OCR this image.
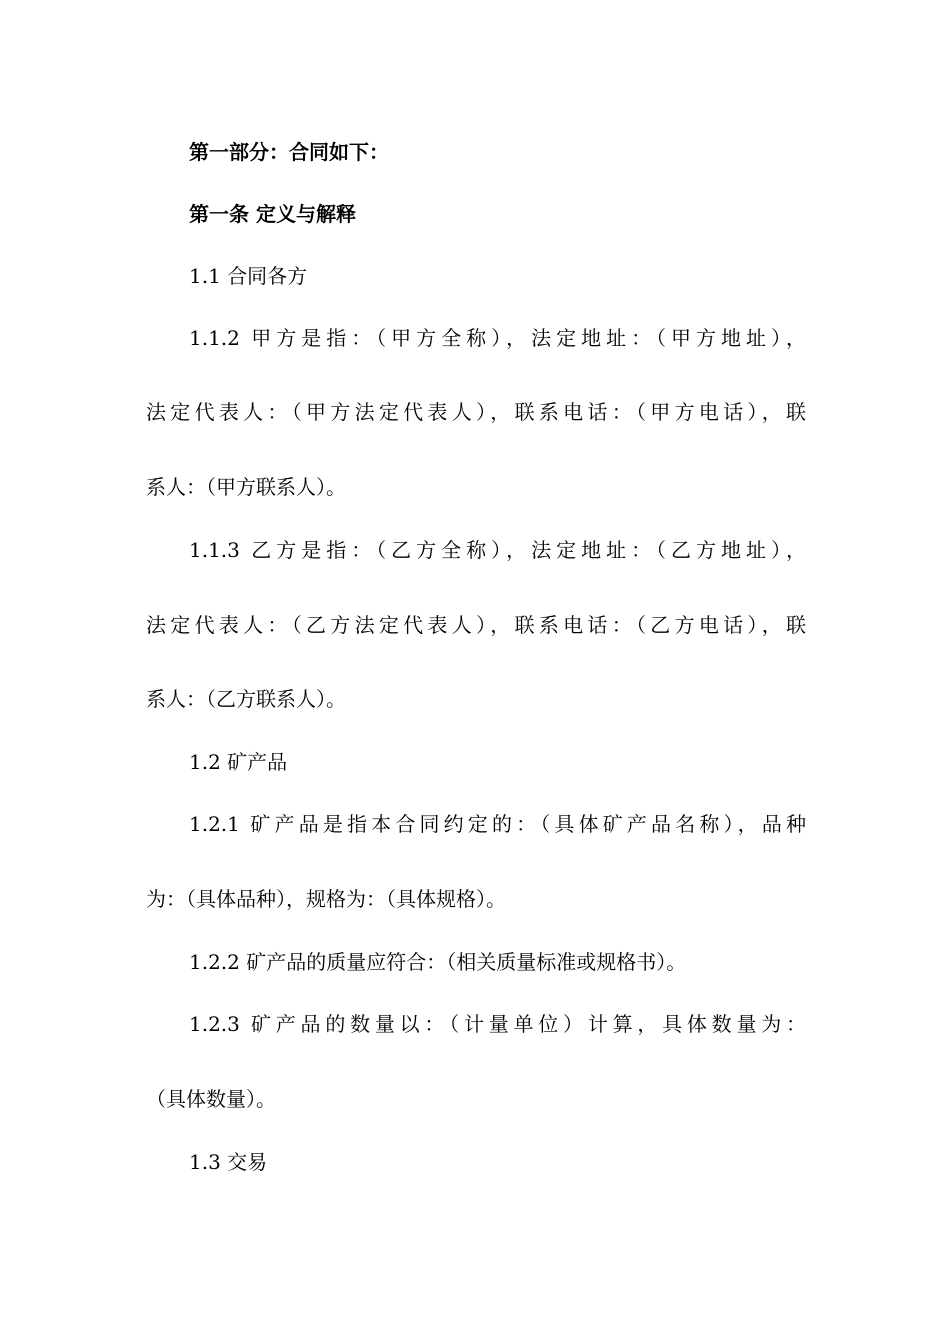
第一部分：合同如下：
第一条 定义与解释
1.1 合同各方
1.1.2 甲方是指：（甲方全称），法定地址：（甲方地址），
法定代表人：（甲方法定代表人），联系电话：（甲方电话），联
系人：（甲方联系人）。
1.1.3 乙方是指：（乙方全称），法定地址：（乙方地址），
法定代表人：（乙方法定代表人），联系电话：（乙方电话），联
系人：（乙方联系人）。
1.2 矿产品
1.2.1 矿产品是指本合同约定的：（具体矿产品名称），品种
为：（具体品种），规格为：（具体规格）。
1.2.2 矿产品的质量应符合：（相关质量标准或规格书）。
1.2.3 矿产品的数量以：（计量单位）计算，具体数量为：
（具体数量）。
1.3 交易
